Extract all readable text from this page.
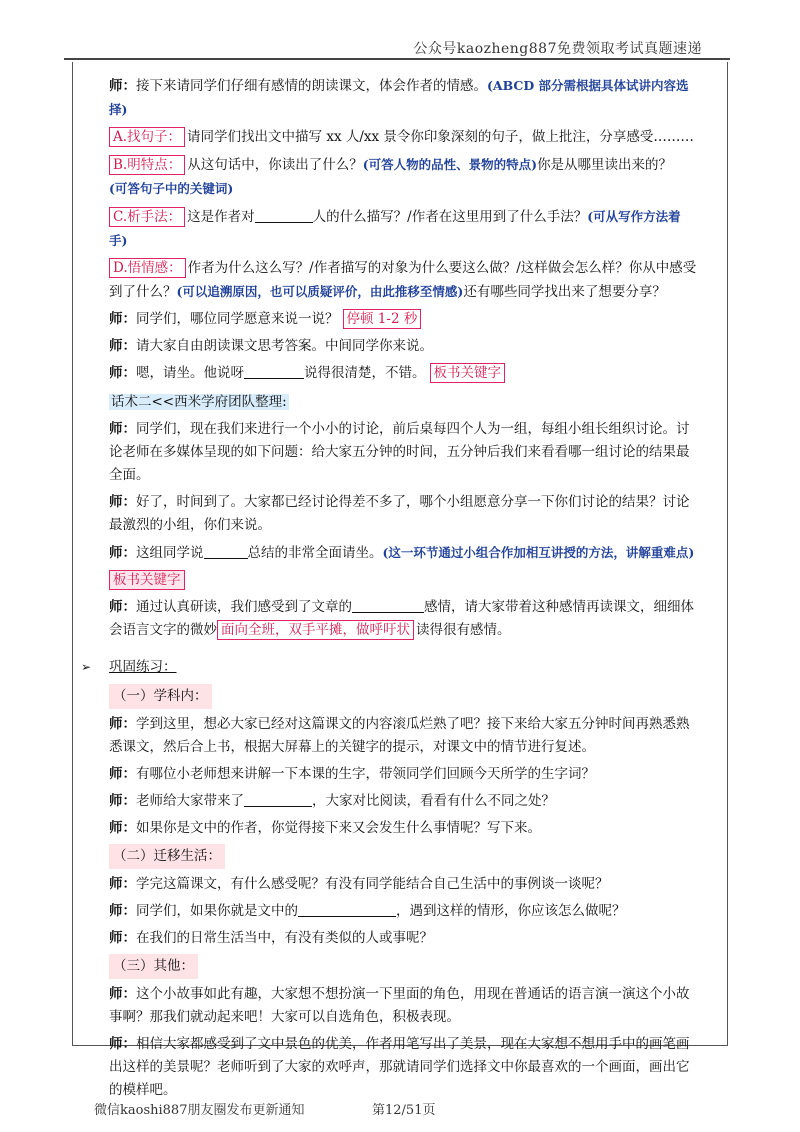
公众号kaozheng887免费领取考试真题速递

师：接下来请同学们仔细有感情的朗读课文，体会作者的情感。(ABCD 部分需根据具体试讲内容选择)

A.找句子： 请同学们找出文中描写 xx 人/xx 景令你印象深刻的句子，做上批注，分享感受………

B.明特点： 从这句话中，你读出了什么？(可答人物的品性、景物的特点)你是从哪里读出来的？
(可答句子中的关键词)

C.析手法： 这是作者对	人的什么描写？/作者在这里用到了什么手法？(可从写作方法着手)

D.悟情感： 作者为什么这么写？/作者描写的对象为什么要这么做？/这样做会怎么样？你从中感受到了什么？(可以追溯原因，也可以质疑评价，由此推移至情感)还有哪些同学找出来了想要分享？

师：同学们，哪位同学愿意来说一说？ 停顿 1-2 秒

师：请大家自由朗读课文思考答案。中间同学你来说。

师：嗯，请坐。他说呀	说得很清楚，不错。 板书关键字

话术二<<西米学府团队整理:

师：同学们，现在我们来进行一个小小的讨论，前后桌每四个人为一组，每组小组长组织讨论。讨论老师在多媒体呈现的如下问题：给大家五分钟的时间，五分钟后我们来看看哪一组讨论的结果最全面。

师：好了，时间到了。大家都已经讨论得差不多了，哪个小组愿意分享一下你们讨论的结果？讨论最激烈的小组，你们来说。

师：这组同学说	总结的非常全面请坐。(这一环节通过小组合作加相互讲授的方法，讲解重难点)

板书关键字

师：通过认真研读，我们感受到了文章的	感情，请大家带着这种感情再读课文，细细体会语言文字的微妙 面向全班，双手平摊，做呼吁状 读得很有感情。

➢ 巩固练习：

（一）学科内：

师：学到这里，想必大家已经对这篇课文的内容滚瓜烂熟了吧？接下来给大家五分钟时间再熟悉熟悉课文，然后合上书，根据大屏幕上的关键字的提示，对课文中的情节进行复述。

师：有哪位小老师想来讲解一下本课的生字，带领同学们回顾今天所学的生字词？

师：老师给大家带来了	，大家对比阅读，看看有什么不同之处？

师：如果你是文中的作者，你觉得接下来又会发生什么事情呢？写下来。

（二）迁移生活：

师：学完这篇课文，有什么感受呢？有没有同学能结合自己生活中的事例谈一谈呢？

师：同学们，如果你就是文中的	，遇到这样的情形，你应该怎么做呢？

师：在我们的日常生活当中，有没有类似的人或事呢？

（三）其他：

师：这个小故事如此有趣，大家想不想扮演一下里面的角色，用现在普通话的语言演一演这个小故事啊？那我们就动起来吧！大家可以自选角色，积极表现。

师：相信大家都感受到了文中景色的优美，作者用笔写出了美景，现在大家想不想用手中的画笔画出这样的美景呢？老师听到了大家的欢呼声，那就请同学们选择文中你最喜欢的一个画面，画出它的模样吧。

微信kaoshi887朋友圈发布更新通知	第12/51页
